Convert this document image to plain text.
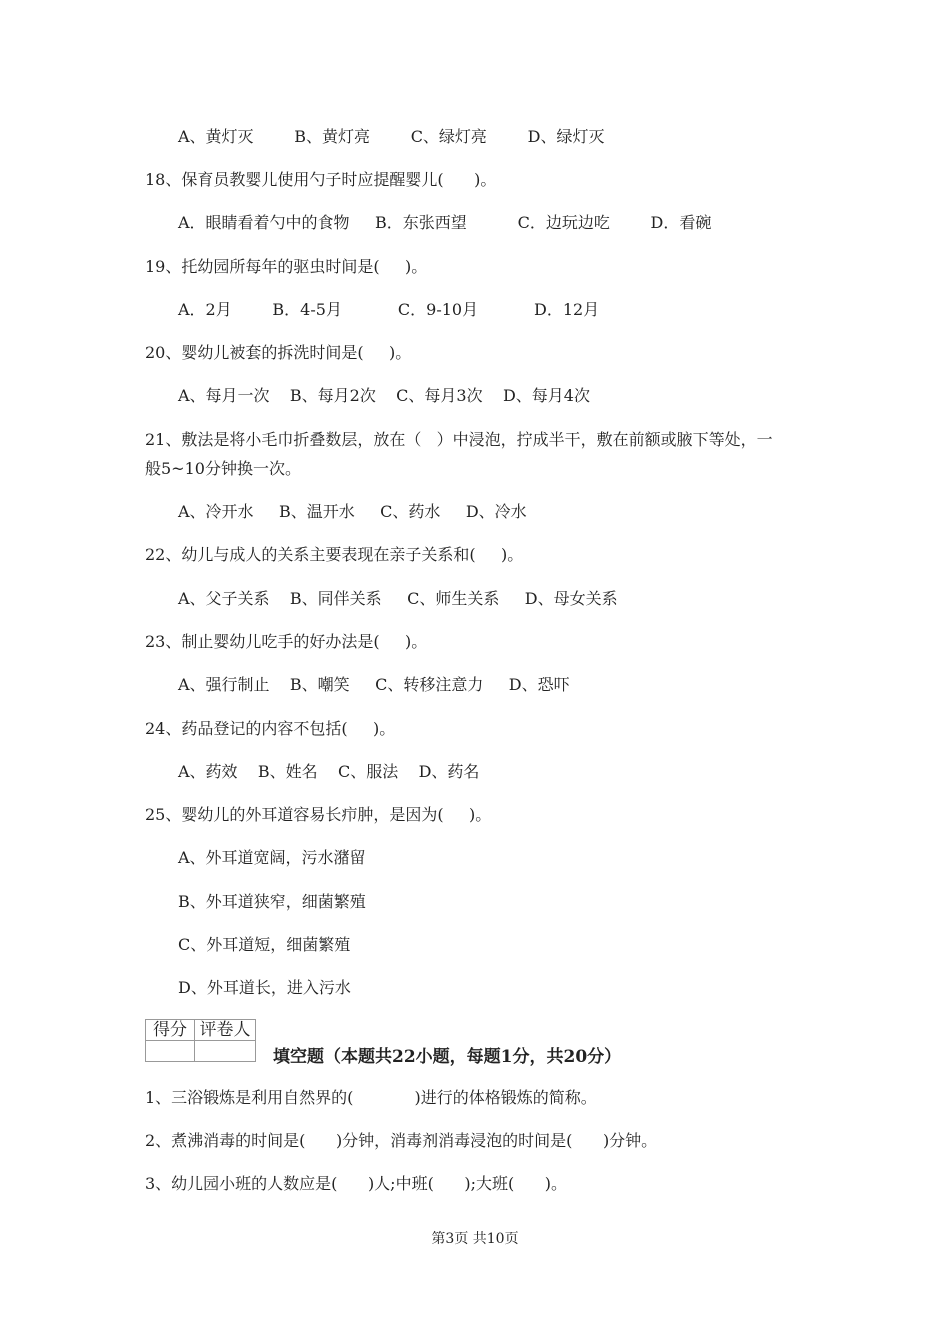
A、黄灯灭        B、黄灯亮        C、绿灯亮        D、绿灯灭
18、保育员教婴儿使用勺子时应提醒婴儿(      )。
A．眼睛看着勺中的食物     B．东张西望          C．边玩边吃        D．看碗
19、托幼园所每年的驱虫时间是(     )。
A．2月        B．4-5月           C．9-10月           D．12月
20、婴幼儿被套的拆洗时间是(     )。
A、每月一次    B、每月2次    C、每月3次    D、每月4次
21、敷法是将小毛巾折叠数层，放在（   ）中浸泡，拧成半干，敷在前额或腋下等处，一
般5~10分钟换一次。
A、冷开水     B、温开水     C、药水     D、冷水
22、幼儿与成人的关系主要表现在亲子关系和(     )。
A、父子关系    B、同伴关系     C、师生关系     D、母女关系
23、制止婴幼儿吃手的好办法是(     )。
A、强行制止    B、嘲笑     C、转移注意力     D、恐吓
24、药品登记的内容不包括(     )。
A、药效    B、姓名    C、服法    D、药名
25、婴幼儿的外耳道容易长疖肿，是因为(     )。
A、外耳道宽阔，污水潴留
B、外耳道狭窄，细菌繁殖
C、外耳道短，细菌繁殖
D、外耳道长，进入污水
得分	评卷人

填空题（本题共22小题，每题1分，共20分）
1、三浴锻炼是利用自然界的(            )进行的体格锻炼的简称。
2、煮沸消毒的时间是(      )分钟，消毒剂消毒浸泡的时间是(      )分钟。
3、幼儿园小班的人数应是(      )人;中班(      );大班(      )。
第3页 共10页
